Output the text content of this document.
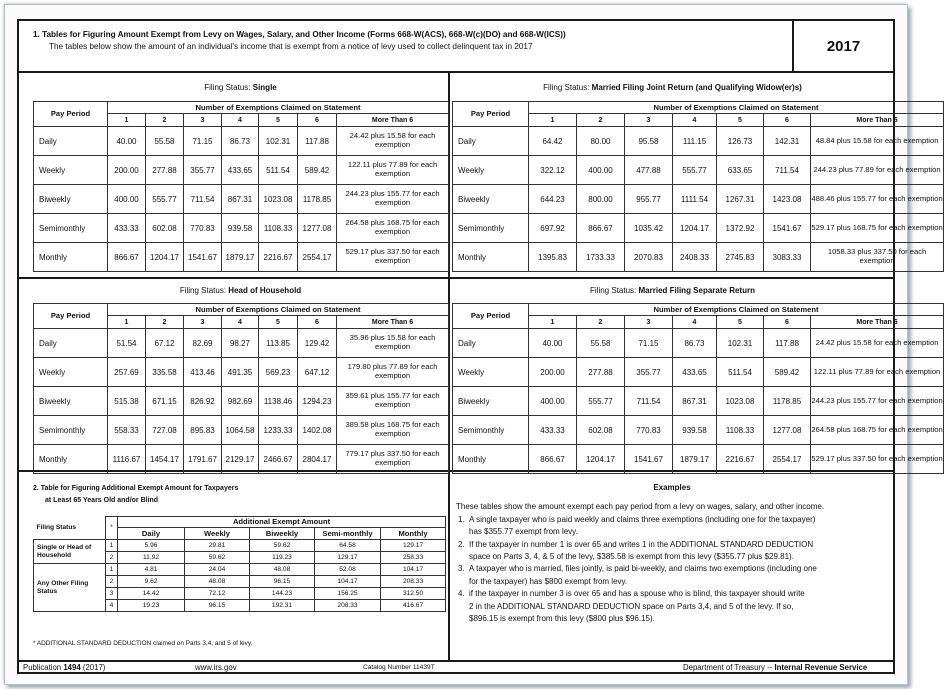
1. Tables for Figuring Amount Exempt from Levy on Wages, Salary, and Other Income (Forms 668-W(ACS), 668-W(c)(DO) and 668-W(ICS))
The tables below show the amount of an individual's income that is exempt from a notice of levy used to collect delinquent tax in 2017	2017
Filing Status: Single
Pay Period	Number of Exemptions Claimed on Statement						
	1	2	3	4	5	6	More Than 6
Daily	40.00	55.58	71.15	86.73	102.31	117.88	24.42 plus 15.58 for each exemption
Weekly	200.00	277.88	355.77	433.65	511.54	589.42	122.11 plus 77.89 for each exemption
Biweekly	400.00	555.77	711.54	867.31	1023.08	1178.85	244.23 plus 155.77 for each exemption
Semimonthly	433.33	602.08	770.83	939.58	1108.33	1277.08	264.58 plus 168.75 for each exemption
Monthly	866.67	1204.17	1541.67	1879.17	2216.67	2554.17	529.17 plus 337.50 for each exemption
Filing Status: Married Filing Joint Return (and Qualifying Widow(er)s)
Pay Period	Number of Exemptions Claimed on Statement						
	1	2	3	4	5	6	More Than 6
Daily	64.42	80.00	95.58	111.15	126.73	142.31	48.84 plus 15.58 for each exemption
Weekly	322.12	400.00	477.88	555.77	633.65	711.54	244.23 plus 77.89 for each exemption
Biweekly	644.23	800.00	955.77	1111.54	1267.31	1423.08	488.46 plus 155.77 for each exemption
Semimonthly	697.92	866.67	1035.42	1204.17	1372.92	1541.67	529.17 plus 168.75 for each exemption
Monthly	1395.83	1733.33	2070.83	2408.33	2745.83	3083.33	1058.33 plus 337.50 for each exemption
Filing Status: Head of Household
Pay Period	Number of Exemptions Claimed on Statement						
	1	2	3	4	5	6	More Than 6
Daily	51.54	67.12	82.69	98.27	113.85	129.42	35.96 plus 15.58 for each exemption
Weekly	257.69	335.58	413.46	491.35	569.23	647.12	179.80 plus 77.89 for each exemption
Biweekly	515.38	671.15	826.92	982.69	1138.46	1294.23	359.61 plus 155.77 for each exemption
Semimonthly	558.33	727.08	895.83	1064.58	1233.33	1402.08	389.58 plus 168.75 for each exemption
Monthly	1116.67	1454.17	1791.67	2129.17	2466.67	2804.17	779.17 plus 337.50 for each exemption
Filing Status: Married Filing Separate Return
Pay Period	Number of Exemptions Claimed on Statement						
	1	2	3	4	5	6	More Than 6
Daily	40.00	55.58	71.15	86.73	102.31	117.88	24.42 plus 15.58 for each exemption
Weekly	200.00	277.88	355.77	433.65	511.54	589.42	122.11 plus 77.89 for each exemption
Biweekly	400.00	555.77	711.54	867.31	1023.08	1178.85	244.23 plus 155.77 for each exemption
Semimonthly	433.33	602.08	770.83	939.58	1108.33	1277.08	264.58 plus 168.75 for each exemption
Monthly	866.67	1204.17	1541.67	1879.17	2216.67	2554.17	529.17 plus 337.50 for each exemption
2. Table for Figuring Additional Exempt Amount for Taxpayers
at Least 65 Years Old and/or Blind
Filing Status	*	Additional Exempt Amount				
		Daily	Weekly	Biweekly	Semi-monthly	Monthly
Single or Head of Household	1	5.96	29.81	59.62	64.58	129.17
	2	11.92	59.62	119.23	129.17	258.33
Any Other Filing Status	1	4.81	24.04	48.08	52.08	104.17
	2	9.62	48.08	96.15	104.17	208.33
	3	14.42	72.12	144.23	156.25	312.50
	4	19.23	96.15	192.31	208.33	416.67
* ADDITIONAL STANDARD DEDUCTION claimed on Parts 3,4, and 5 of levy.
Examples
These tables show the amount exempt each pay period from a levy on wages, salary, and other income.
1. A single taxpayer who is paid weekly and claims three exemptions (including one for the taxpayer)
has $355.77 exempt from levy.
2. If the taxpayer in number 1 is over 65 and writes 1 in the ADDITIONAL STANDARD DEDUCTION
space on Parts 3, 4, & 5 of the levy, $385.58 is exempt from this levy ($355.77 plus $29.81).
3. A taxpayer who is married, files jointly, is paid bi-weekly, and claims two exemptions (including one
for the taxpayer) has $800 exempt from levy.
4. if the taxpayer in number 3 is over 65 and has a spouse who is blind, this taxpayer should write
2 in the ADDITIONAL STANDARD DEDUCTION space on Parts 3,4, and 5 of the levy. If so,
$896.15 is exempt from this levy ($800 plus $96.15).
Publication 1494 (2017)	www.irs.gov	Catalog Number 11439T	Department of Treasury -- Internal Revenue Service
